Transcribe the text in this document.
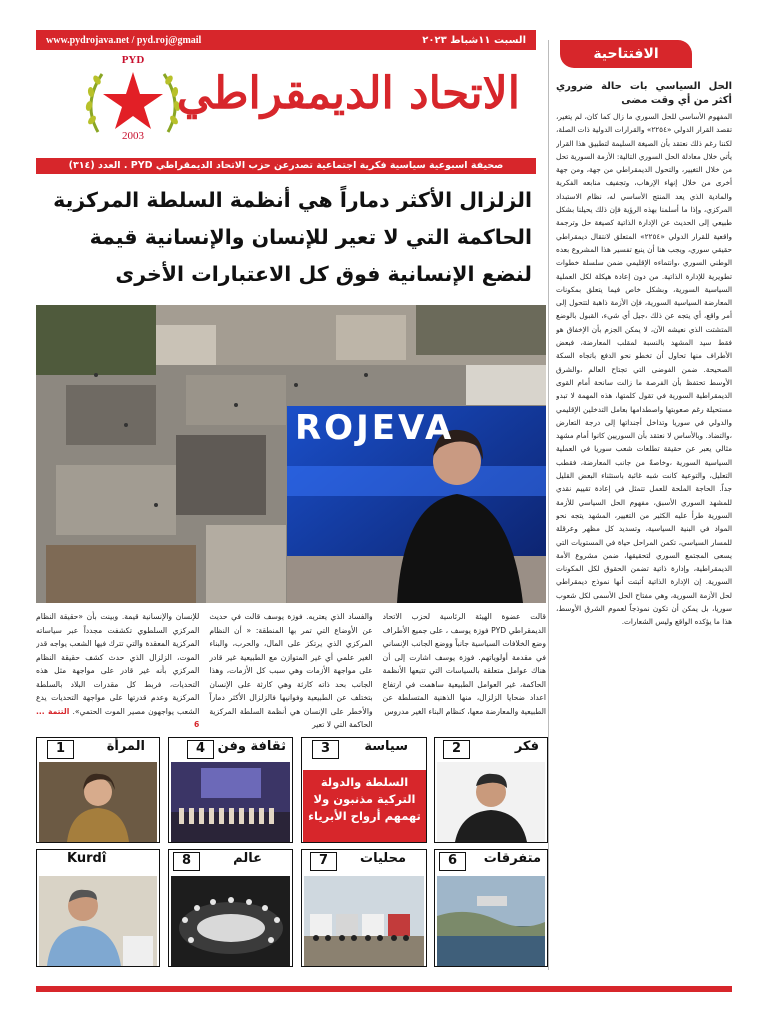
www.pydrojava.net / pyd.roj@gmail	السبت ١١شباط ٢٠٢٣
PYD
2003
الاتحاد الديمقراطي
صحيفة اسبوعية سياسية فكرية اجتماعية تصدرعن حزب الاتحاد الديمقراطي PYD . العدد (٣١٤)
الزلزال الأكثر دماراً هي أنظمة السلطة المركزية الحاكمة التي لا تعير للإنسان والإنسانية قيمة لنضع الإنسانية فوق كل الاعتبارات الأخرى
ROJEVA
قالت عضوة الهيئة الرئاسية لحزب الاتحاد الديمقراطي PYD فوزة يوسف ، على جميع الأطراف وضع الخلافات السياسية جانباً ووضع الجانب الإنساني في مقدمة أولوياتهم. فوزة يوسف اشارت إلى أن هناك عوامل متعلقة بالسياسات التي تتبعها الأنظمة الحاكمة، غير العوامل الطبيعية ساهمت في ارتفاع اعداد ضحايا الزلزال، منها الذهنية المتسلطة عن الطبيعية والمعارضة معها، كنظام البناء الغير مدروس
والفساد الذي يعتريه. فوزة يوسف قالت في حديث عن الأوضاع التي تمر بها المنطقة: « أن النظام المركزي الذي يرتكز على المال، والحرب، والبناء الغير علمي أي غير المتوازن مع الطبيعية غير قادر على مواجهة الأزمات وهي سبب كل الأزمات، وهذا الجانب بحد ذاته كارثة وهي كارثة على الإنسان بتختلف عن الطبيعية وفوانيها فالزلزال الأكثر دماراً والأخطر على الإنسان هي أنظمة السلطة المركزية الحاكمة التي لا تعير
للإنسان والإنسانية قيمة. وبينت بأن «حقيقة النظام المركزي السلطوي تكشفت مجدداً عبر سياساته المركزية المعقدة والتي تترك فيها الشعب يواجه قدر الموت، الزلزال الذي حدث كشف حقيقة النظام المركزي بأنه غير قادر على مواجهة مثل هذه التحديات، فربط كل مقدرات البلاد بالسلطة المركزية وعدم قدرتها على مواجهة التحديات يدع الشعب يواجهون مصير الموت الحتمي». التتمة ... 6
الافتتاحية
الحل السياسي بات حالة ضروري أكثر من أي وقت مضى
المفهوم الأساسي للحل السوري ما زال كما كان، لم يتغير، تقصد القرار الدولي «٢٢٥٤» والقرارات الدولية ذات الصلة، لكننا رغم ذلك نعتقد بأن الصيغة السليمة لتطبيق هذا القرار يأتي خلال معادلة الحل السوري التالية: الأزمة السورية تحل من خلال التغيير، والتحول الديمقراطي من جهة، ومن جهة أخرى من خلال إنهاء الإرهاب، وتجفيف منابعه الفكرية والمادية الذي يعد المنتج الأساسي له، نظام الاستبداد المركزي، وإذا ما أسلمنا بهذه الرؤية فإن ذلك يحيلنا بشكل طبيعي إلى الحديث عن الإدارة الذاتية كصيغة حل وترجمة واقعية للقرار الدولي «٢٢٥٤» المتعلق لانتقال ديمقراطي حقيقي سوري، ويجب هنا أن ينبع تفسير هذا المشروع بعده الوطني السوري ،وانتماءه الإقليمي ضمن سلسلة خطوات تطويرية للإدارة الذاتية. من دون إعادة هيكلة لكل العملية السياسية السورية، وبشكل خاص فيما يتعلق بمكونات المعارضة السياسية السورية، فإن الأزمة ذاهبة لتتحول إلى أمر واقع، أي يتجه عن ذلك ،جيل أي شيء، القبول بالوضع المتشتت الذي نعيشه الآن، لا يمكن الجزم بأن الإخفاق هو فقط سيد المشهد بالنسبة لمقلب المعارضة، فبعض الأطراف منها تحاول أن تخطو نحو الدفع باتجاه السكة الصحيحة. ضمن الفوضى التي تجتاح العالم ،والشرق الأوسط تحتفظ بأن الفرصة ما زالت سانحة أمام القوى الديمقراطية السورية في تقول كلمتها، هذه المهمة لا تبدو مستحيلة رغم صعوبتها واصطدامها بعامل التدخلين الإقليمي والدولي في سوريا وتداخل أجنداتها إلى درجة التعارض ،والتضاد. وبالأساس لا نعتقد بأن السوريين كانوا أمام مشهد مثالي يعبر عن حقيقة تطلعات شعب سوريا في العملية السياسية السورية ،وخاصةً من جانب المعارضة، فقطب التعليل، والتوعية كانت شبه غائبة باستثناء البعض القليل جداً. الحاجة الملحة للعمل تتمثل في إعادة تقييم نقدي للمشهد السوري الأسبق، مفهوم الحل السياسي للأزمة السورية طرأ عليه الكثير من التغيير، المشهد يتجه نحو المواد في البنية السياسية، وتسديد كل مظهر وعرقلة للمسار السياسي، تكمن المراحل حياة في المستويات التي يسعى المجتمع السوري لتحقيقها، ضمن مشروع الأمة الديمقراطية، وإدارة ذاتية تضمن الحقوق لكل المكونات السورية. إن الإدارة الذاتية أثبتت أنها نموذج ديمقراطي لحل الأزمة السورية، وهي مفتاح الحل الأسمى لكل شعوب سوريا، بل يمكن أن تكون نموذجاً لعموم الشرق الأوسط، هذا ما يؤكده الواقع وليس الشعارات.
1	المرأة	4 ثقافة وفن	3	سياسة
السلطة والدولة التركية مذنبون ولا تهمهم أرواح الأبرياء
2	فكر
Kurdî	8	عالم	7	محليات	6	متفرقات
